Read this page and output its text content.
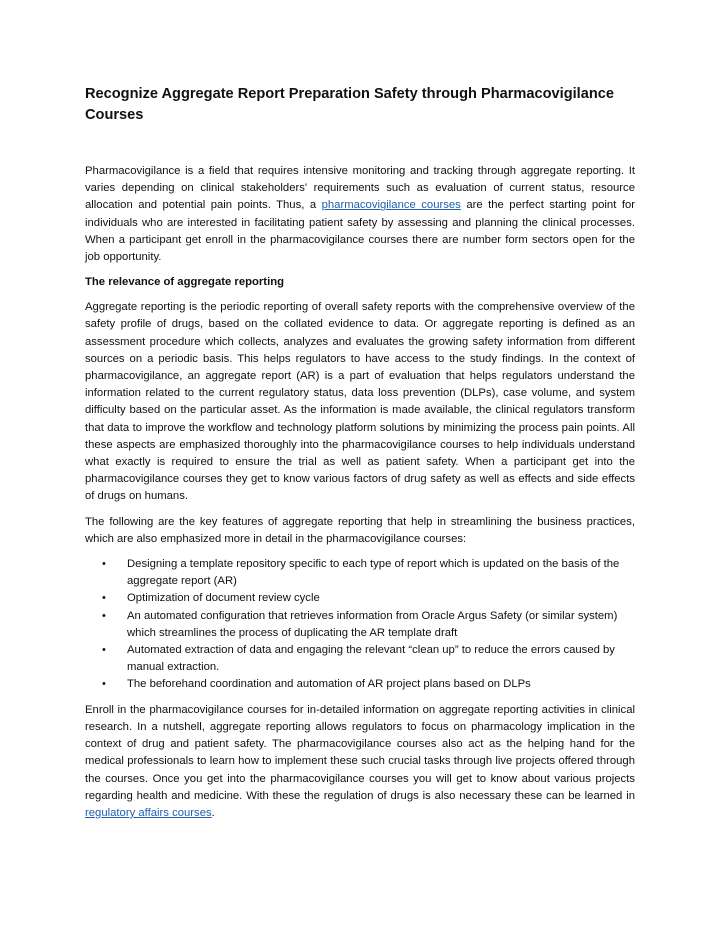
Recognize Aggregate Report Preparation Safety through Pharmacovigilance Courses

Pharmacovigilance is a field that requires intensive monitoring and tracking through aggregate reporting. It varies depending on clinical stakeholders' requirements such as evaluation of current status, resource allocation and potential pain points. Thus, a pharmacovigilance courses are the perfect starting point for individuals who are interested in facilitating patient safety by assessing and planning the clinical processes. When a participant get enroll in the pharmacovigilance courses there are number form sectors open for the job opportunity.

The relevance of aggregate reporting

Aggregate reporting is the periodic reporting of overall safety reports with the comprehensive overview of the safety profile of drugs, based on the collated evidence to data. Or aggregate reporting is defined as an assessment procedure which collects, analyzes and evaluates the growing safety information from different sources on a periodic basis. This helps regulators to have access to the study findings. In the context of pharmacovigilance, an aggregate report (AR) is a part of evaluation that helps regulators understand the information related to the current regulatory status, data loss prevention (DLPs), case volume, and system difficulty based on the particular asset. As the information is made available, the clinical regulators transform that data to improve the workflow and technology platform solutions by minimizing the process pain points. All these aspects are emphasized thoroughly into the pharmacovigilance courses to help individuals understand what exactly is required to ensure the trial as well as patient safety. When a participant get into the pharmacovigilance courses they get to know various factors of drug safety as well as effects and side effects of drugs on humans.

The following are the key features of aggregate reporting that help in streamlining the business practices, which are also emphasized more in detail in the pharmacovigilance courses:

• Designing a template repository specific to each type of report which is updated on the basis of the aggregate report (AR)
• Optimization of document review cycle
• An automated configuration that retrieves information from Oracle Argus Safety (or similar system) which streamlines the process of duplicating the AR template draft
• Automated extraction of data and engaging the relevant “clean up” to reduce the errors caused by manual extraction.
• The beforehand coordination and automation of AR project plans based on DLPs

Enroll in the pharmacovigilance courses for in-detailed information on aggregate reporting activities in clinical research. In a nutshell, aggregate reporting allows regulators to focus on pharmacology implication in the context of drug and patient safety. The pharmacovigilance courses also act as the helping hand for the medical professionals to learn how to implement these such crucial tasks through live projects offered through the courses. Once you get into the pharmacovigilance courses you will get to know about various projects regarding health and medicine. With these the regulation of drugs is also necessary these can be learned in regulatory affairs courses.
